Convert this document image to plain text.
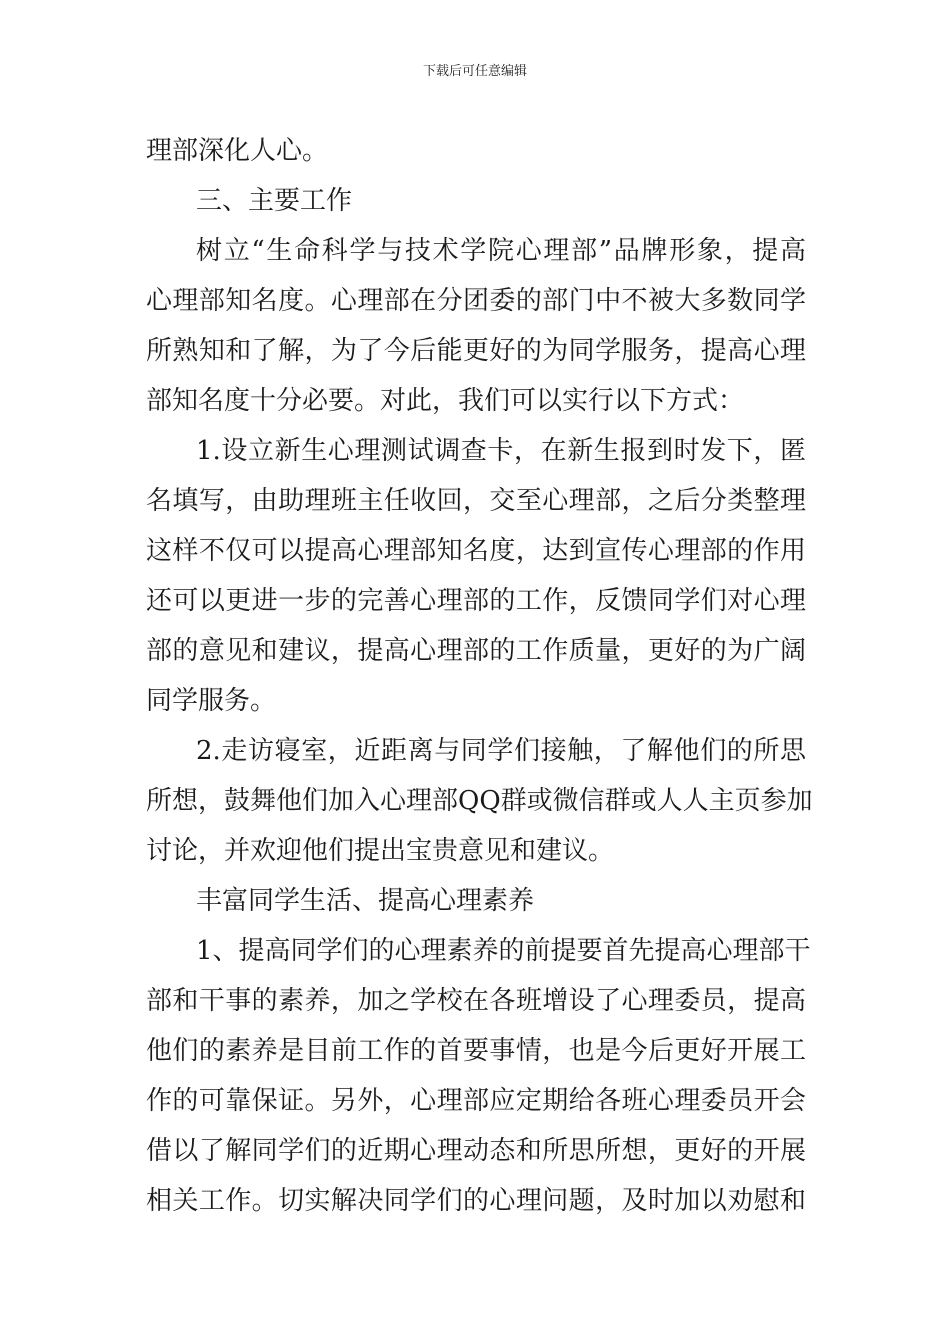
下载后可任意编辑
理部深化人心。
三、主要工作
树立“生命科学与技术学院心理部”品牌形象，提高
心理部知名度。心理部在分团委的部门中不被大多数同学
所熟知和了解，为了今后能更好的为同学服务，提高心理
部知名度十分必要。对此，我们可以实行以下方式：
1.设立新生心理测试调查卡，在新生报到时发下，匿
名填写，由助理班主任收回，交至心理部，之后分类整理
这样不仅可以提高心理部知名度，达到宣传心理部的作用
还可以更进一步的完善心理部的工作，反馈同学们对心理
部的意见和建议，提高心理部的工作质量，更好的为广阔
同学服务。
2.走访寝室，近距离与同学们接触，了解他们的所思
所想，鼓舞他们加入心理部QQ群或微信群或人人主页参加
讨论，并欢迎他们提出宝贵意见和建议。
丰富同学生活、提高心理素养
1、提高同学们的心理素养的前提要首先提高心理部干
部和干事的素养，加之学校在各班增设了心理委员，提高
他们的素养是目前工作的首要事情，也是今后更好开展工
作的可靠保证。另外，心理部应定期给各班心理委员开会
借以了解同学们的近期心理动态和所思所想，更好的开展
相关工作。切实解决同学们的心理问题，及时加以劝慰和
